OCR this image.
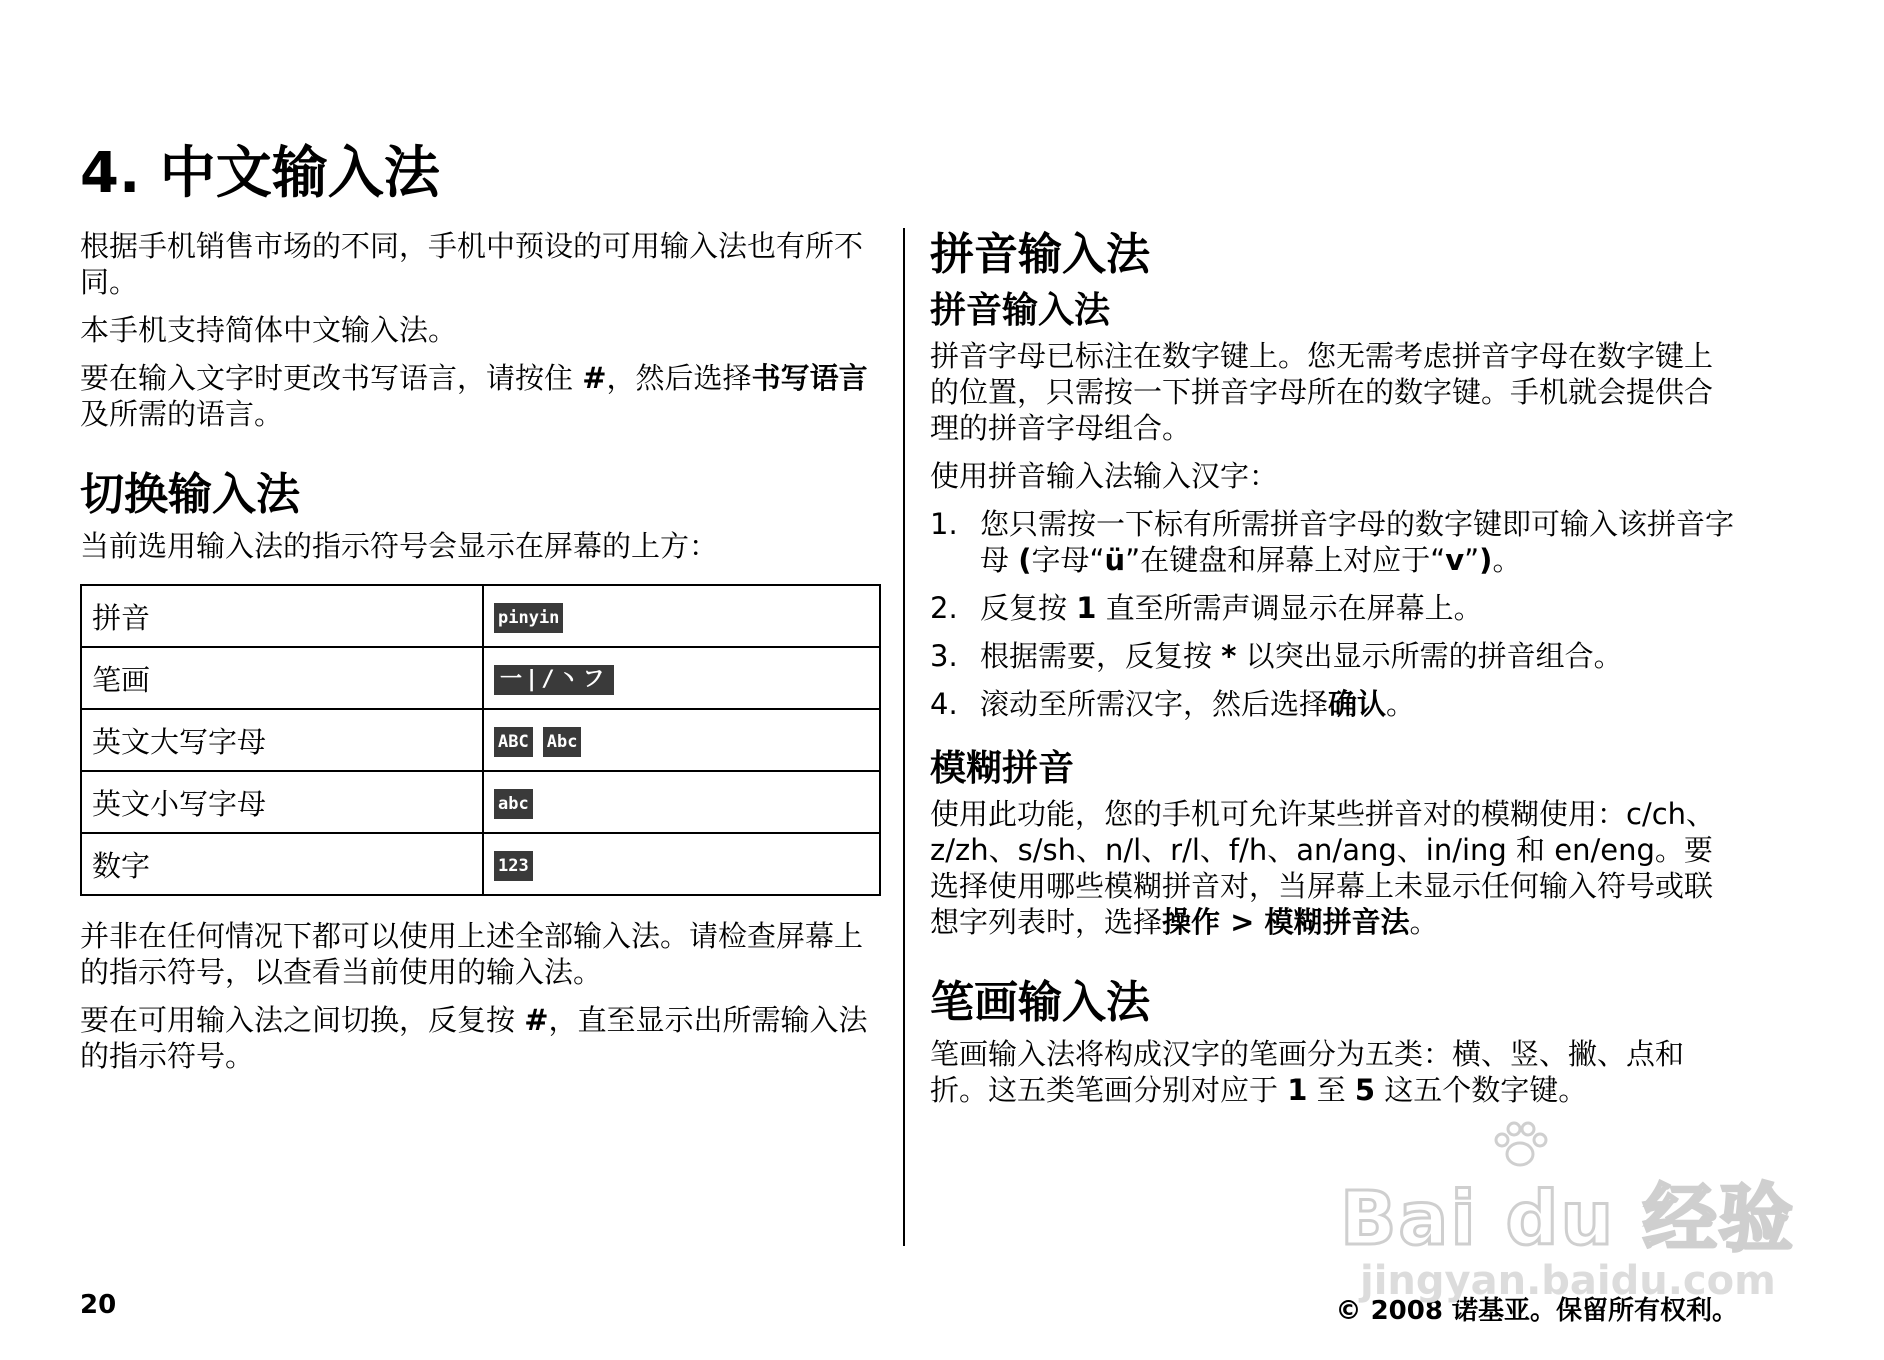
4. 中文输入法

根据手机销售市场的不同，手机中预设的可用输入法也有所不同。

本手机支持简体中文输入法。

要在输入文字时更改书写语言，请按住 #，然后选择书写语言及所需的语言。

切换输入法

当前选用输入法的指示符号会显示在屏幕的上方：

拼音	pinyin
笔画	一|/丶フ
英文大写字母	ABC Abc
英文小写字母	abc
数字	123

并非在任何情况下都可以使用上述全部输入法。请检查屏幕上的指示符号，以查看当前使用的输入法。

要在可用输入法之间切换，反复按 #，直至显示出所需输入法的指示符号。

拼音输入法
拼音输入法

拼音字母已标注在数字键上。您无需考虑拼音字母在数字键上的位置，只需按一下拼音字母所在的数字键。手机就会提供合理的拼音字母组合。

使用拼音输入法输入汉字：

1. 您只需按一下标有所需拼音字母的数字键即可输入该拼音字母 (字母“ü”在键盘和屏幕上对应于“v”)。
2. 反复按 1 直至所需声调显示在屏幕上。
3. 根据需要，反复按 * 以突出显示所需的拼音组合。
4. 滚动至所需汉字，然后选择确认。
模糊拼音

使用此功能，您的手机可允许某些拼音对的模糊使用：c/ch、z/zh、s/sh、n/l、r/l、f/h、an/ang、in/ing 和 en/eng。要选择使用哪些模糊拼音对，当屏幕上未显示任何输入符号或联想字列表时，选择操作 > 模糊拼音法。

笔画输入法

笔画输入法将构成汉字的笔画分为五类：横、竖、撇、点和折。这五类笔画分别对应于 1 至 5 这五个数字键。

20	© 2008 诺基亚。保留所有权利。
Bai du 经验
jingyan.baidu.com
